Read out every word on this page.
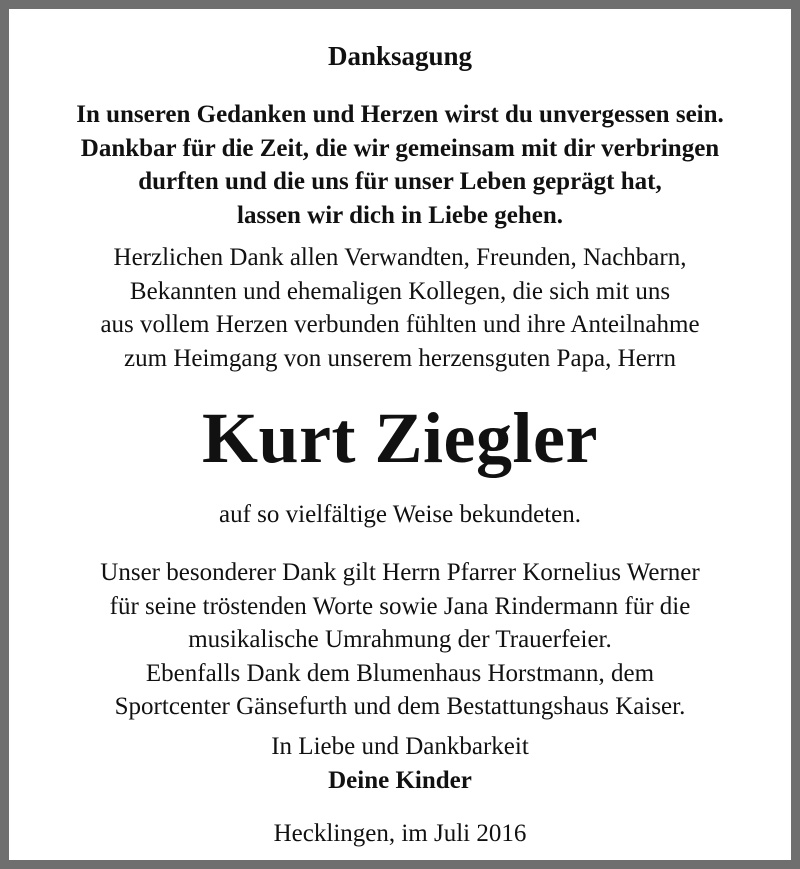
Danksagung
In unseren Gedanken und Herzen wirst du unvergessen sein.
Dankbar für die Zeit, die wir gemeinsam mit dir verbringen
durften und die uns für unser Leben geprägt hat,
lassen wir dich in Liebe gehen.
Herzlichen Dank allen Verwandten, Freunden, Nachbarn,
Bekannten und ehemaligen Kollegen, die sich mit uns
aus vollem Herzen verbunden fühlten und ihre Anteilnahme
zum Heimgang von unserem herzensguten Papa, Herrn
Kurt Ziegler
auf so vielfältige Weise bekundeten.
Unser besonderer Dank gilt Herrn Pfarrer Kornelius Werner
für seine tröstenden Worte sowie Jana Rindermann für die
musikalische Umrahmung der Trauerfeier.
Ebenfalls Dank dem Blumenhaus Horstmann, dem
Sportcenter Gänsefurth und dem Bestattungshaus Kaiser.
In Liebe und Dankbarkeit
Deine Kinder
Hecklingen, im Juli 2016
